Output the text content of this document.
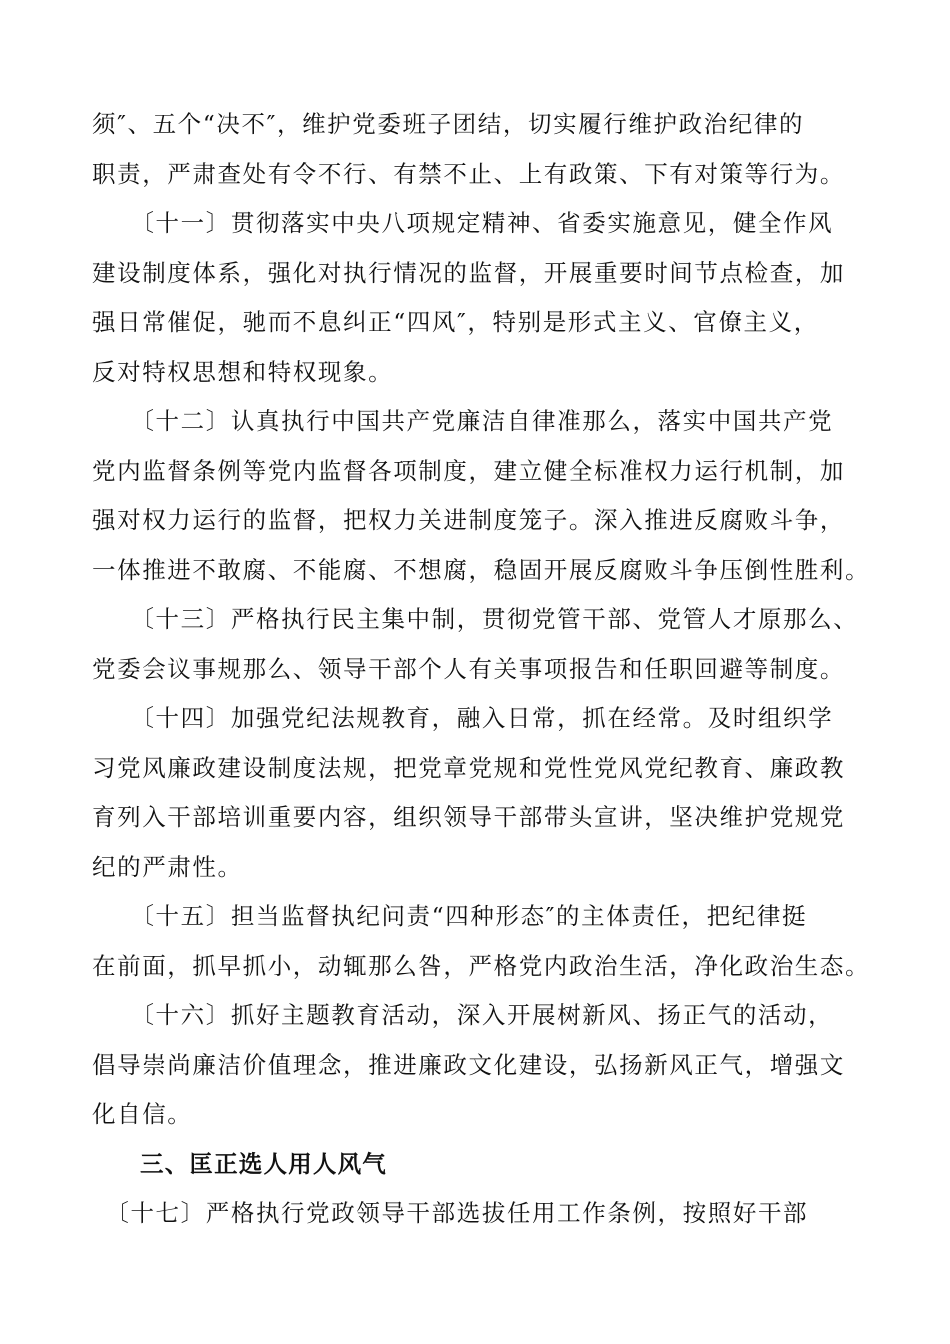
须″、五个“决不″，维护党委班子团结，切实履行维护政治纪律的
职责，严肃查处有令不行、有禁不止、上有政策、下有对策等行为。

　　〔十一〕贯彻落实中央八项规定精神、省委实施意见，健全作风
建设制度体系，强化对执行情况的监督，开展重要时间节点检查，加
强日常催促，驰而不息纠正“四风″，特别是形式主义、官僚主义，
反对特权思想和特权现象。

　　〔十二〕认真执行中国共产党廉洁自律准那么，落实中国共产党
党内监督条例等党内监督各项制度，建立健全标准权力运行机制，加
强对权力运行的监督，把权力关进制度笼子。深入推进反腐败斗争，
一体推进不敢腐、不能腐、不想腐，稳固开展反腐败斗争压倒性胜利。

　　〔十三〕严格执行民主集中制，贯彻党管干部、党管人才原那么、
党委会议事规那么、领导干部个人有关事项报告和任职回避等制度。

　　〔十四〕加强党纪法规教育，融入日常，抓在经常。及时组织学
习党风廉政建设制度法规，把党章党规和党性党风党纪教育、廉政教
育列入干部培训重要内容，组织领导干部带头宣讲，坚决维护党规党
纪的严肃性。

　　〔十五〕担当监督执纪问责“四种形态″的主体责任，把纪律挺
在前面，抓早抓小，动辄那么咎，严格党内政治生活，净化政治生态。

　　〔十六〕抓好主题教育活动，深入开展树新风、扬正气的活动，
倡导崇尚廉洁价值理念，推进廉政文化建设，弘扬新风正气，增强文
化自信。

三、匡正选人用人风气

　〔十七〕严格执行党政领导干部选拔任用工作条例，按照好干部
